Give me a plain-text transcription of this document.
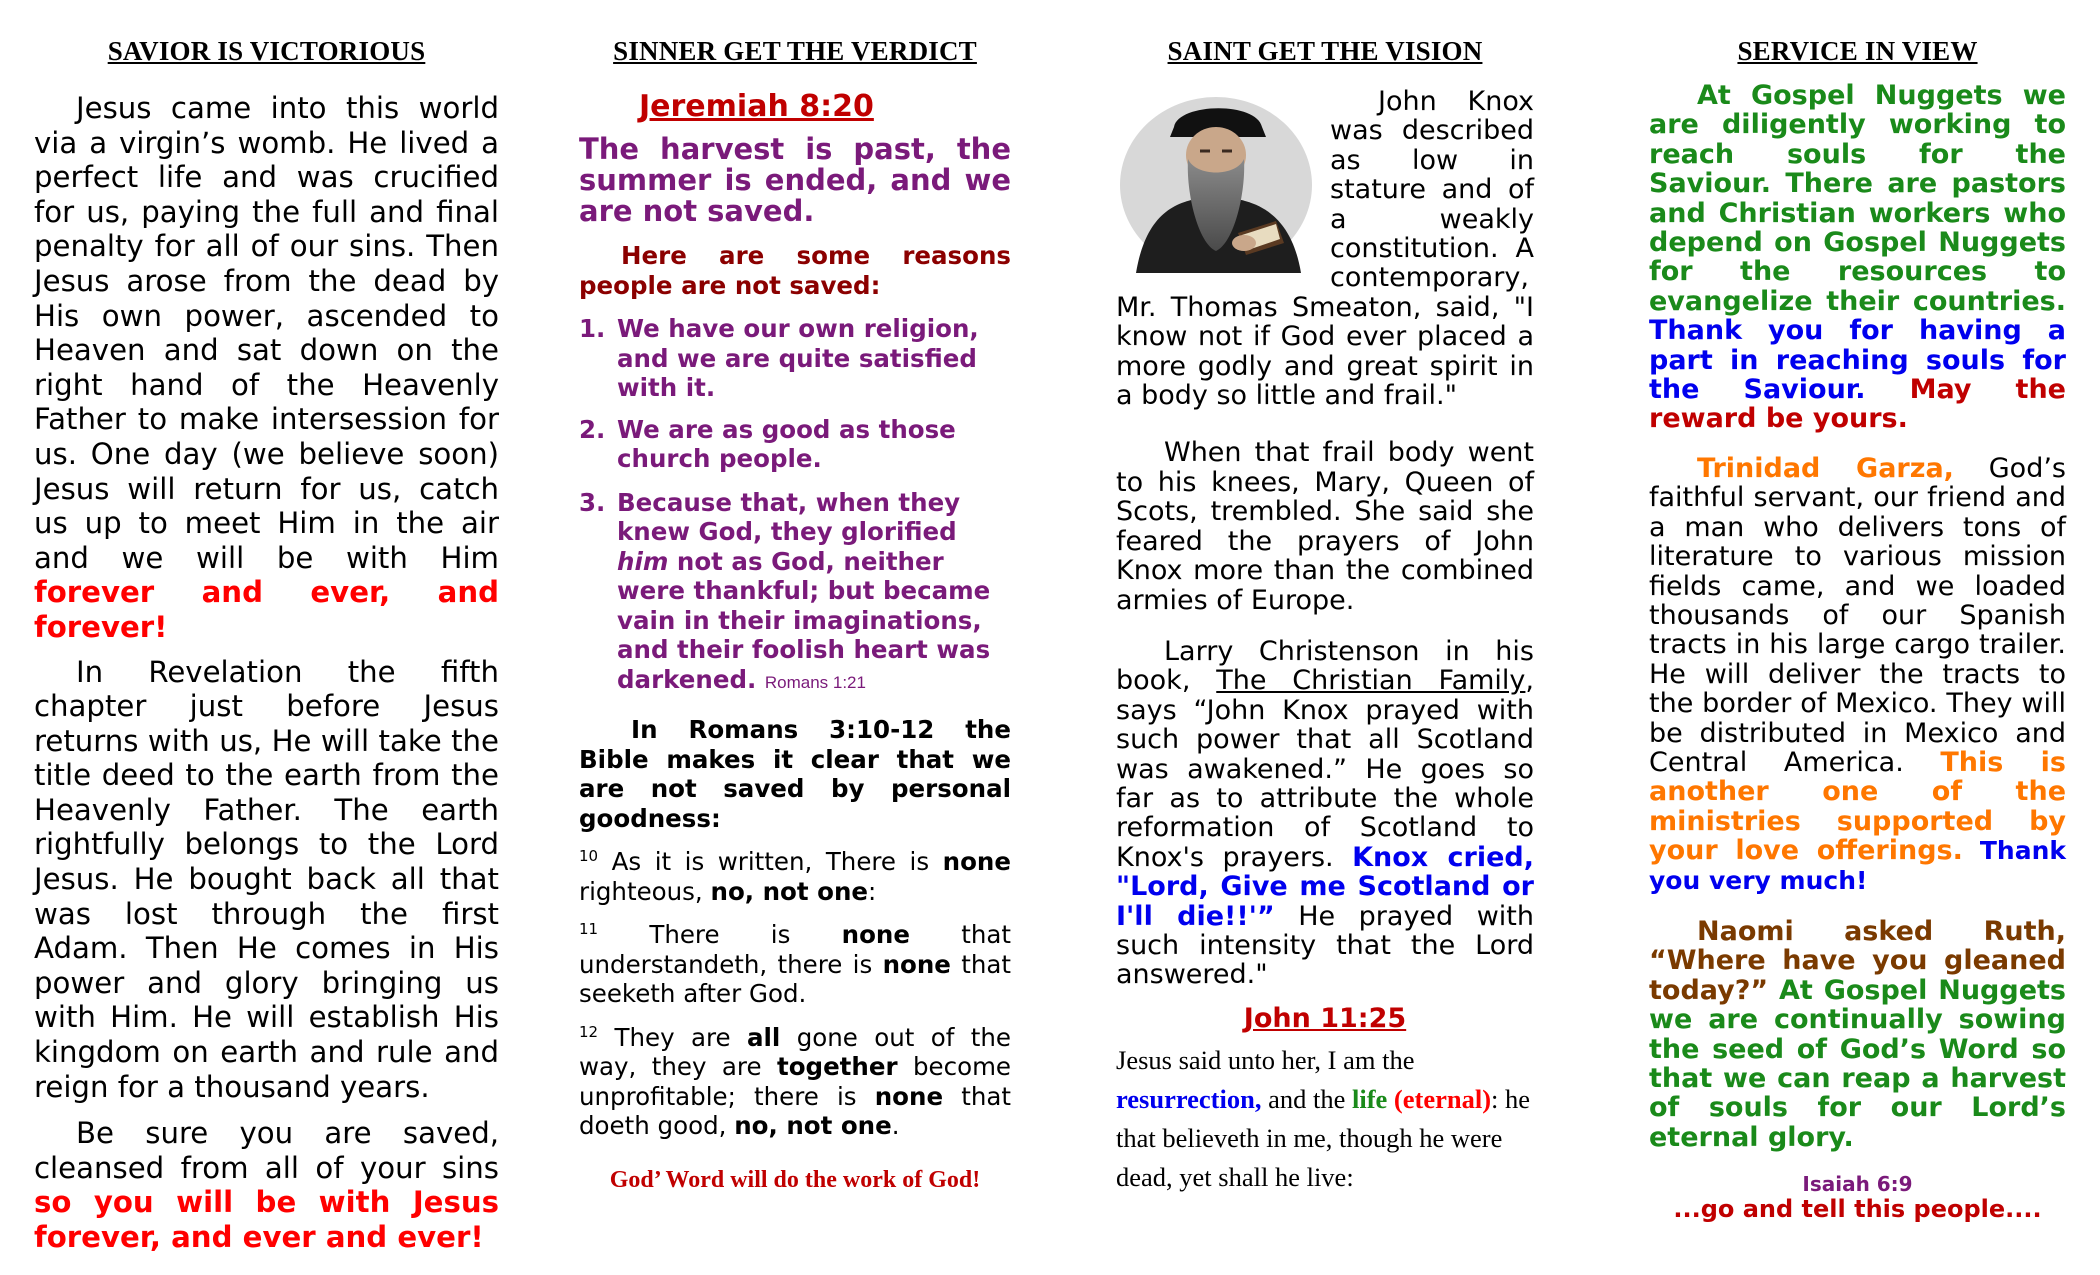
SAVIOR IS VICTORIOUS

Jesus came into this world via a virgin’s womb. He lived a perfect life and was crucified for us, paying the full and final penalty for all of our sins. Then Jesus arose from the dead by His own power, ascended to Heaven and sat down on the right hand of the Heavenly Father to make intersession for us. One day (we believe soon) Jesus will return for us, catch us up to meet Him in the air and we will be with Him forever and ever, and forever!

In Revelation the fifth chapter just before Jesus returns with us, He will take the title deed to the earth from the Heavenly Father. The earth rightfully belongs to the Lord Jesus. He bought back all that was lost through the first Adam. Then He comes in His power and glory bringing us with Him. He will establish His kingdom on earth and rule and reign for a thousand years.

Be sure you are saved, cleansed from all of your sins so you will be with Jesus forever, and ever and ever!

SINNER GET THE VERDICT
Jeremiah 8:20

The harvest is past, the summer is ended, and we are not saved.

Here are some reasons people are not saved:

1. We have our own religion, and we are quite satisfied with it.
2. We are as good as those church people.
3. Because that, when they knew God, they glorified him not as God, neither were thankful; but became vain in their imaginations, and their foolish heart was darkened. Romans 1:21

In Romans 3:10-12 the Bible makes it clear that we are not saved by personal goodness:

$^{10}$ As it is written, There is none righteous, no, not one:

$^{11}$ There is none that understandeth, there is none that seeketh after God.

$^{12}$ They are all gone out of the way, they are together become unprofitable; there is none that doeth good, no, not one.

God’ Word will do the work of God!

SAINT GET THE VISION

John Knox was described as low in stature and of a weakly constitution. A contemporary, Mr. Thomas Smeaton, said, "I know not if God ever placed a more godly and great spirit in a body so little and frail."

When that frail body went to his knees, Mary, Queen of Scots, trembled. She said she feared the prayers of John Knox more than the combined armies of Europe.

Larry Christenson in his book, The Christian Family, says “John Knox prayed with such power that all Scotland was awakened.” He goes so far as to attribute the whole reformation of Scotland to Knox's prayers. Knox cried, "Lord, Give me Scotland or I'll die!!'” He prayed with such intensity that the Lord answered."

John 11:25

Jesus said unto her, I am the resurrection, and the life (eternal): he that believeth in me, though he were dead, yet shall he live:

SERVICE IN VIEW

At Gospel Nuggets we are diligently working to reach souls for the Saviour. There are pastors and Christian workers who depend on Gospel Nuggets for the resources to evangelize their countries. Thank you for having a part in reaching souls for the Saviour. May the reward be yours.

Trinidad Garza, God’s faithful servant, our friend and a man who delivers tons of literature to various mission fields came, and we loaded thousands of our Spanish tracts in his large cargo trailer. He will deliver the tracts to the border of Mexico. They will be distributed in Mexico and Central America. This is another one of the ministries supported by your love offerings. Thank you very much!

Naomi asked Ruth, “Where have you gleaned today?” At Gospel Nuggets we are continually sowing the seed of God’s Word so that we can reap a harvest of souls for our Lord’s eternal glory.

Isaiah 6:9

...go and tell this people....
